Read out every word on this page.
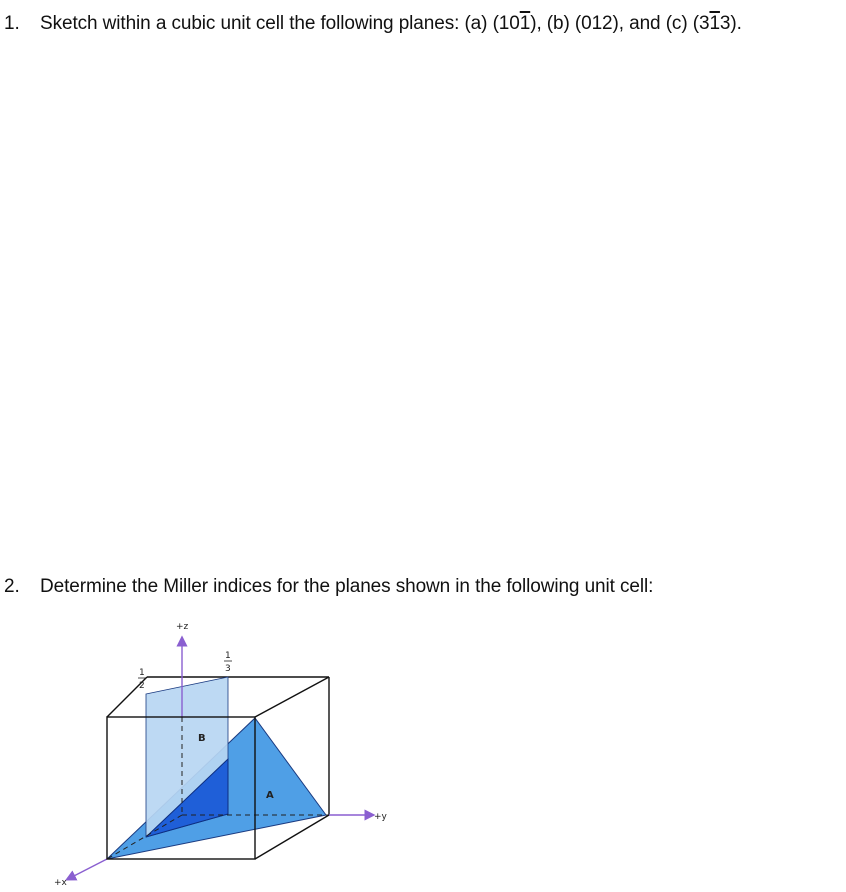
1. Sketch within a cubic unit cell the following planes: (a) (101), (b) (012), and (c) (313).
2. Determine the Miller indices for the planes shown in the following unit cell:
+z
+y
+x
1
2
1
3
B
A
